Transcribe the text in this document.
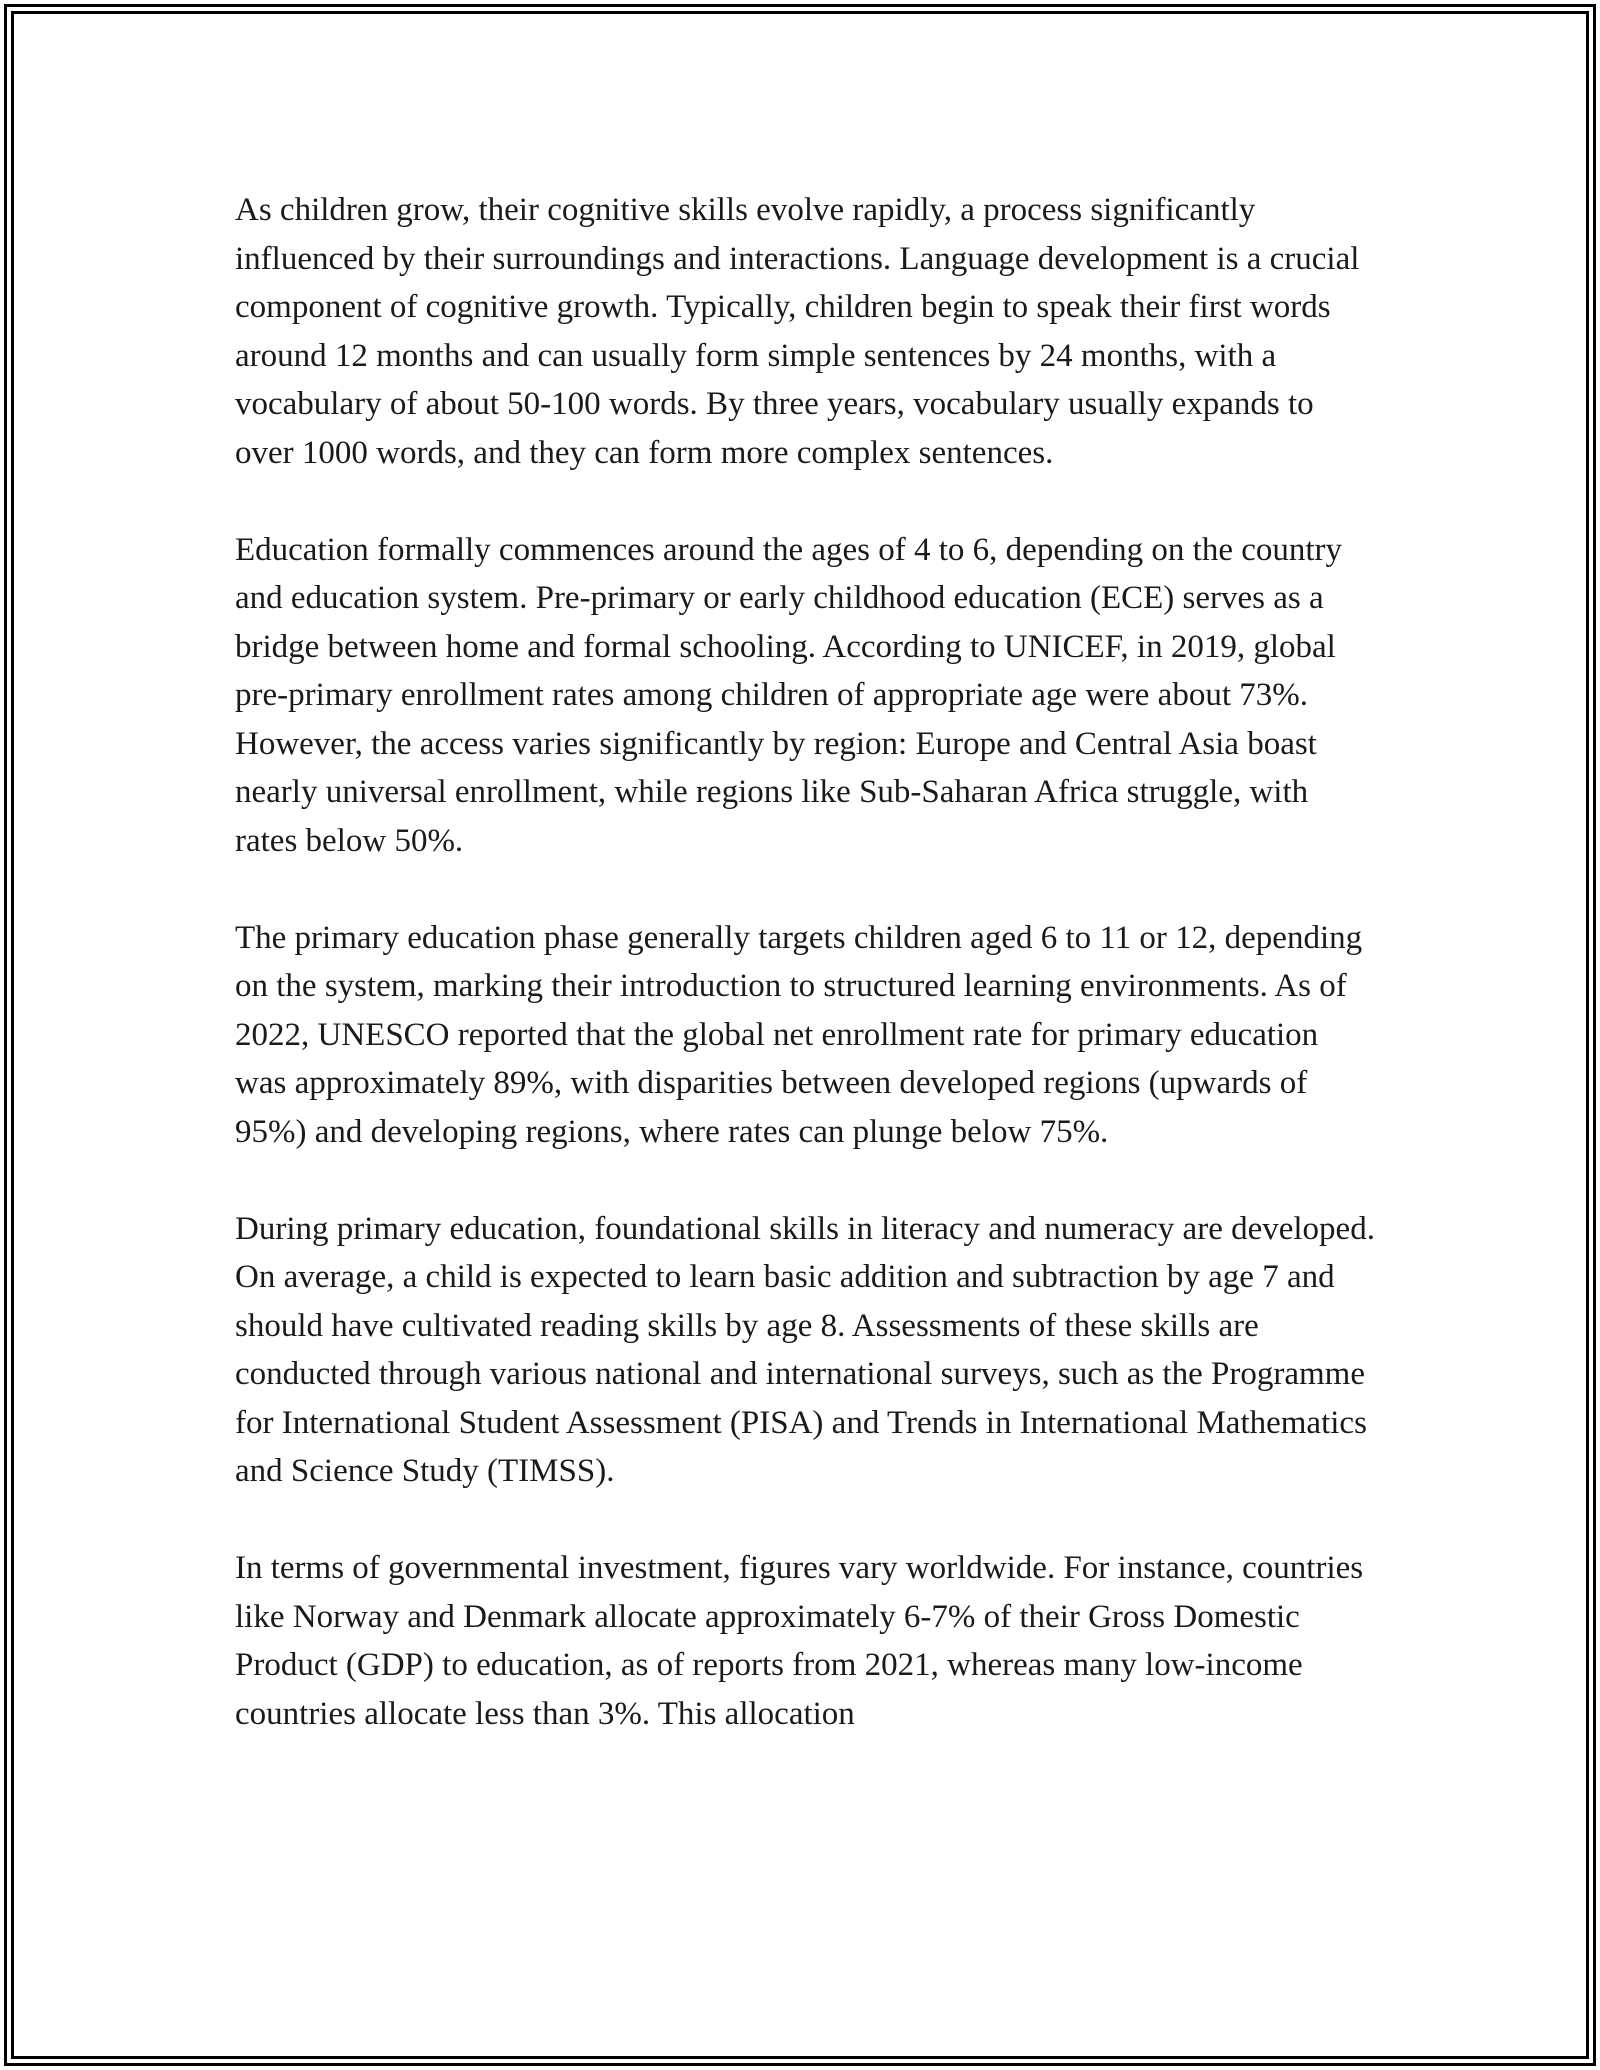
As children grow, their cognitive skills evolve rapidly, a process significantly influenced by their surroundings and interactions. Language development is a crucial component of cognitive growth. Typically, children begin to speak their first words around 12 months and can usually form simple sentences by 24 months, with a vocabulary of about 50-100 words. By three years, vocabulary usually expands to over 1000 words, and they can form more complex sentences.

Education formally commences around the ages of 4 to 6, depending on the country and education system. Pre-primary or early childhood education (ECE) serves as a bridge between home and formal schooling. According to UNICEF, in 2019, global pre-primary enrollment rates among children of appropriate age were about 73%. However, the access varies significantly by region: Europe and Central Asia boast nearly universal enrollment, while regions like Sub-Saharan Africa struggle, with rates below 50%.

The primary education phase generally targets children aged 6 to 11 or 12, depending on the system, marking their introduction to structured learning environments. As of 2022, UNESCO reported that the global net enrollment rate for primary education was approximately 89%, with disparities between developed regions (upwards of 95%) and developing regions, where rates can plunge below 75%.

During primary education, foundational skills in literacy and numeracy are developed. On average, a child is expected to learn basic addition and subtraction by age 7 and should have cultivated reading skills by age 8. Assessments of these skills are conducted through various national and international surveys, such as the Programme for International Student Assessment (PISA) and Trends in International Mathematics and Science Study (TIMSS).

In terms of governmental investment, figures vary worldwide. For instance, countries like Norway and Denmark allocate approximately 6-7% of their Gross Domestic Product (GDP) to education, as of reports from 2021, whereas many low-income countries allocate less than 3%. This allocation
